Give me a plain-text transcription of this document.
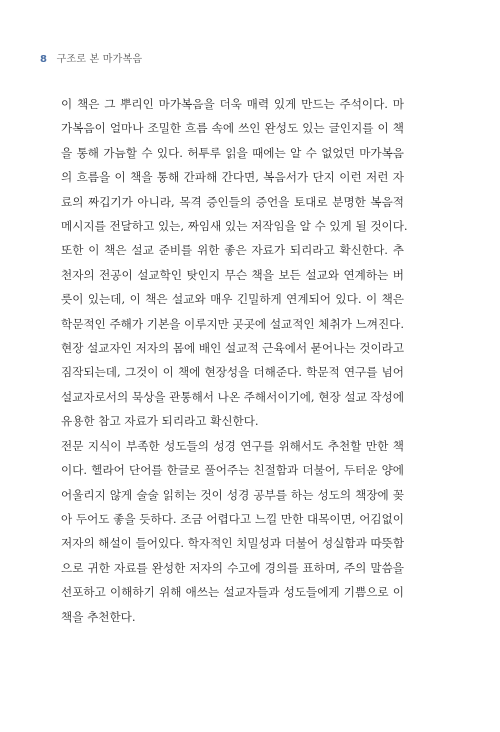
8 구조로 본 마가복음
이 책은 그 뿌리인 마가복음을 더욱 매력 있게 만드는 주석이다. 마
가복음이 얼마나 조밀한 흐름 속에 쓰인 완성도 있는 글인지를 이 책
을 통해 가늠할 수 있다. 허투루 읽을 때에는 알 수 없었던 마가복음
의 흐름을 이 책을 통해 간파해 간다면, 복음서가 단지 이런 저런 자
료의 짜깁기가 아니라, 목격 증인들의 증언을 토대로 분명한 복음적
메시지를 전달하고 있는, 짜임새 있는 저작임을 알 수 있게 될 것이다.
또한 이 책은 설교 준비를 위한 좋은 자료가 되리라고 확신한다. 추
천자의 전공이 설교학인 탓인지 무슨 책을 보든 설교와 연계하는 버
릇이 있는데, 이 책은 설교와 매우 긴밀하게 연계되어 있다. 이 책은
학문적인 주해가 기본을 이루지만 곳곳에 설교적인 체취가 느껴진다.
현장 설교자인 저자의 몸에 배인 설교적 근육에서 묻어나는 것이라고
짐작되는데, 그것이 이 책에 현장성을 더해준다. 학문적 연구를 넘어
설교자로서의 묵상을 관통해서 나온 주해서이기에, 현장 설교 작성에
유용한 참고 자료가 되리라고 확신한다.
전문 지식이 부족한 성도들의 성경 연구를 위해서도 추천할 만한 책
이다. 헬라어 단어를 한글로 풀어주는 친절함과 더불어, 두터운 양에
어울리지 않게 술술 읽히는 것이 성경 공부를 하는 성도의 책장에 꽂
아 두어도 좋을 듯하다. 조금 어렵다고 느낄 만한 대목이면, 어김없이
저자의 해설이 들어있다. 학자적인 치밀성과 더불어 성실함과 따뜻함
으로 귀한 자료를 완성한 저자의 수고에 경의를 표하며, 주의 말씀을
선포하고 이해하기 위해 애쓰는 설교자들과 성도들에게 기쁨으로 이
책을 추천한다.
